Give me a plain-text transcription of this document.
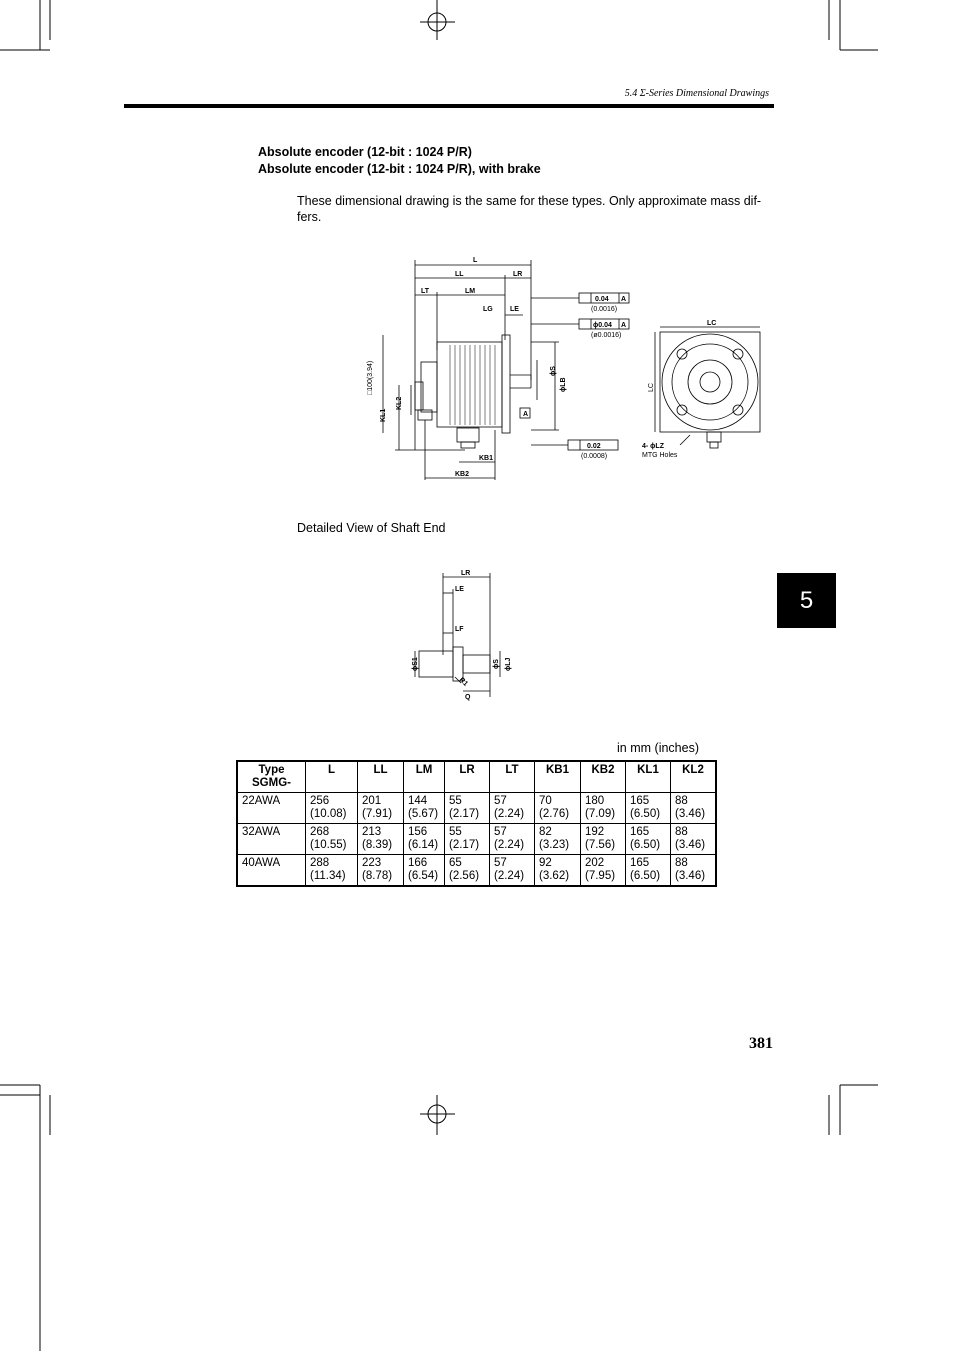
5.4 Σ-Series Dimensional Drawings
Absolute encoder (12-bit : 1024 P/R)
Absolute encoder (12-bit : 1024 P/R), with brake
These dimensional drawing is the same for these types. Only approximate mass dif-fers.
L
LL	LR
LT	LM
LG LE
LC
ϕS
ϕLB
KL1
KL2
KB1
KB2
□100(3.94)	LC
0.04 A
(0.0016)
ϕ0.04 A
(ø0.0016)
0.02
(0.0008)
A
4- ϕLZ
MTG Holes
Detailed View of Shaft End
LR
LE
LF
ϕS1	ϕS ϕLJ
R1
Q
in mm (inches)
Type SGMG-	L	LL	LM	LR	LT	KB1	KB2	KL1	KL2
22AWA	256 (10.08)	201 (7.91)	144 (5.67)	55 (2.17)	57 (2.24)	70 (2.76)	180 (7.09)	165 (6.50)	88 (3.46)
32AWA	268 (10.55)	213 (8.39)	156 (6.14)	55 (2.17)	57 (2.24)	82 (3.23)	192 (7.56)	165 (6.50)	88 (3.46)
40AWA	288 (11.34)	223 (8.78)	166 (6.54)	65 (2.56)	57 (2.24)	92 (3.62)	202 (7.95)	165 (6.50)	88 (3.46)
5
381
